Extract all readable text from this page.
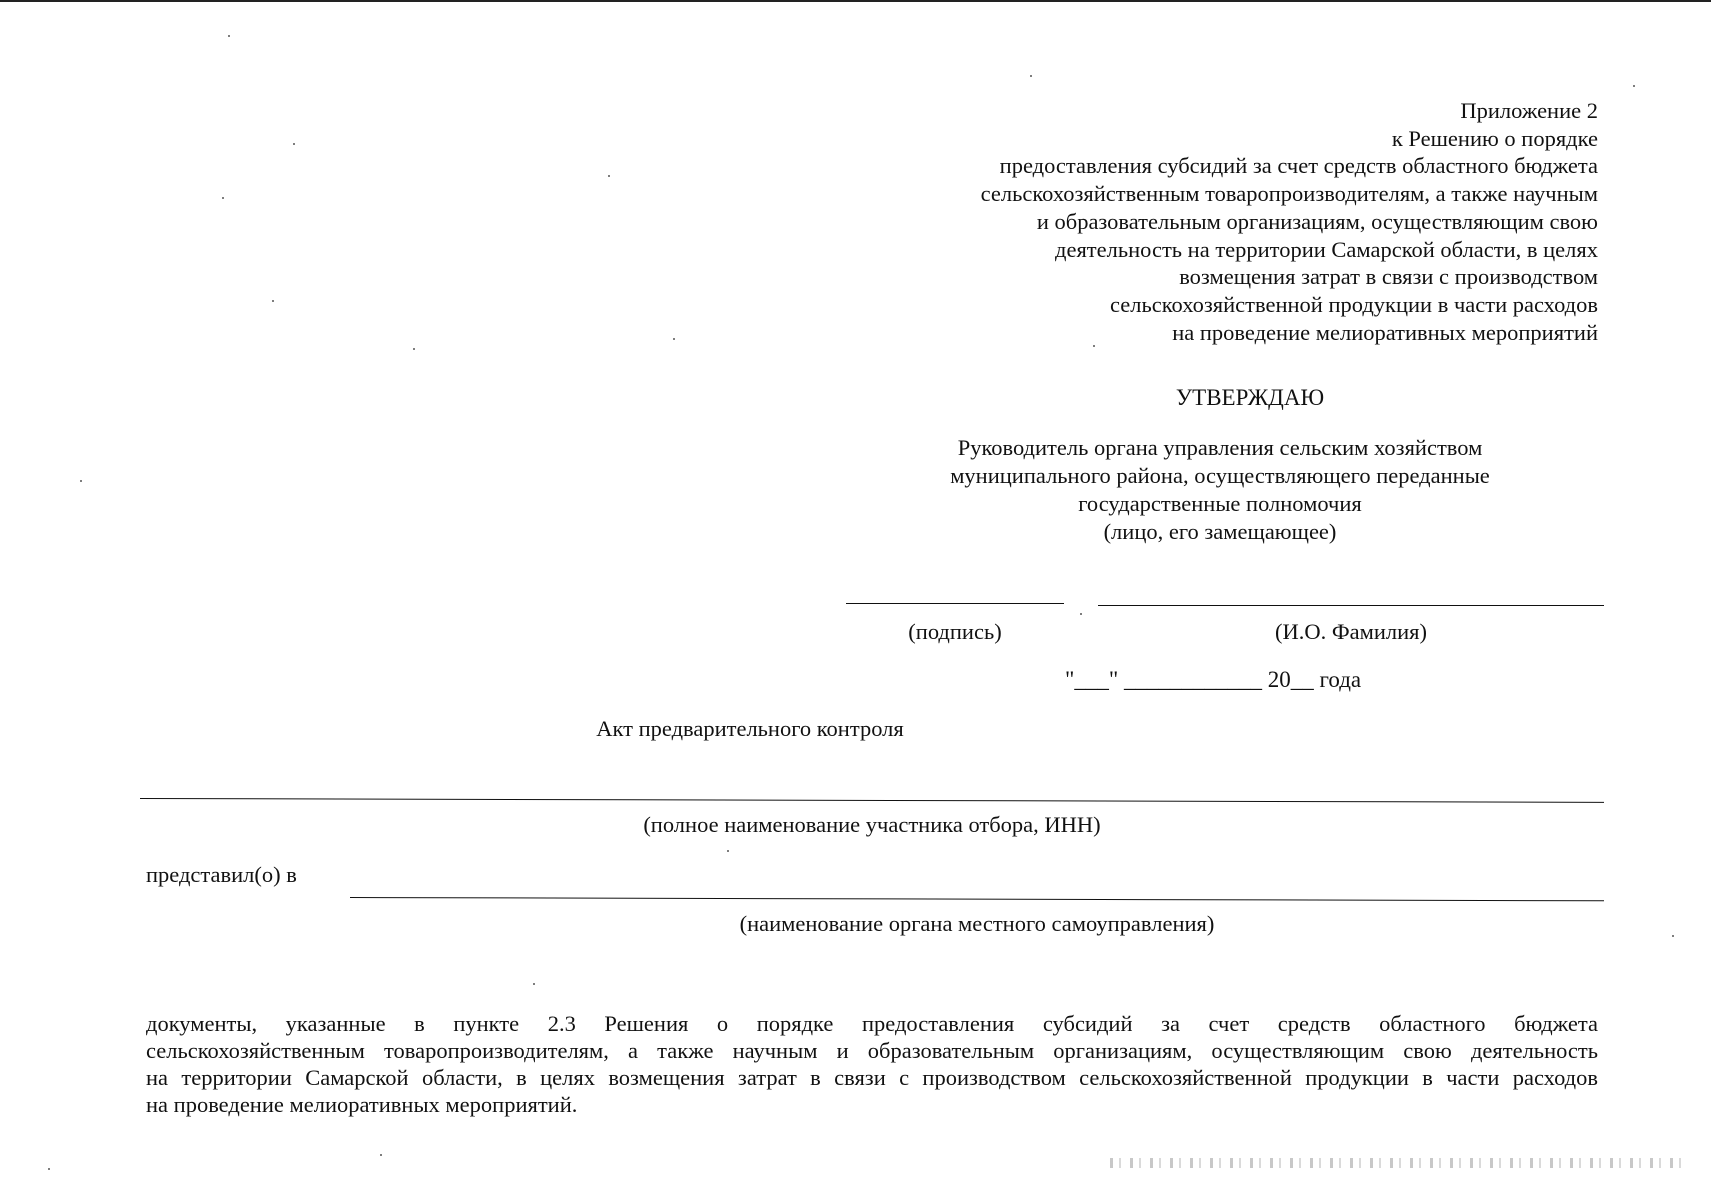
Приложение 2
к Решению о порядке
предоставления субсидий за счет средств областного бюджета
сельскохозяйственным товаропроизводителям, а также научным
и образовательным организациям, осуществляющим свою
деятельность на территории Самарской области, в целях
возмещения затрат в связи с производством
сельскохозяйственной продукции в части расходов
на проведение мелиоративных мероприятий
УТВЕРЖДАЮ
Руководитель органа управления сельским хозяйством
муниципального района, осуществляющего переданные
государственные полномочия
(лицо, его замещающее)
(подпись)	(И.О. Фамилия)
"___" ____________ 20__ года
Акт предварительного контроля
(полное наименование участника отбора, ИНН)
представил(о) в
(наименование органа местного самоуправления)
документы, указанные в пункте 2.3 Решения о порядке предоставления субсидий за счет средств областного бюджета
сельскохозяйственным товаропроизводителям, а также научным и образовательным организациям, осуществляющим свою деятельность
на территории Самарской области, в целях возмещения затрат в связи с производством сельскохозяйственной продукции в части расходов
на проведение мелиоративных мероприятий.
